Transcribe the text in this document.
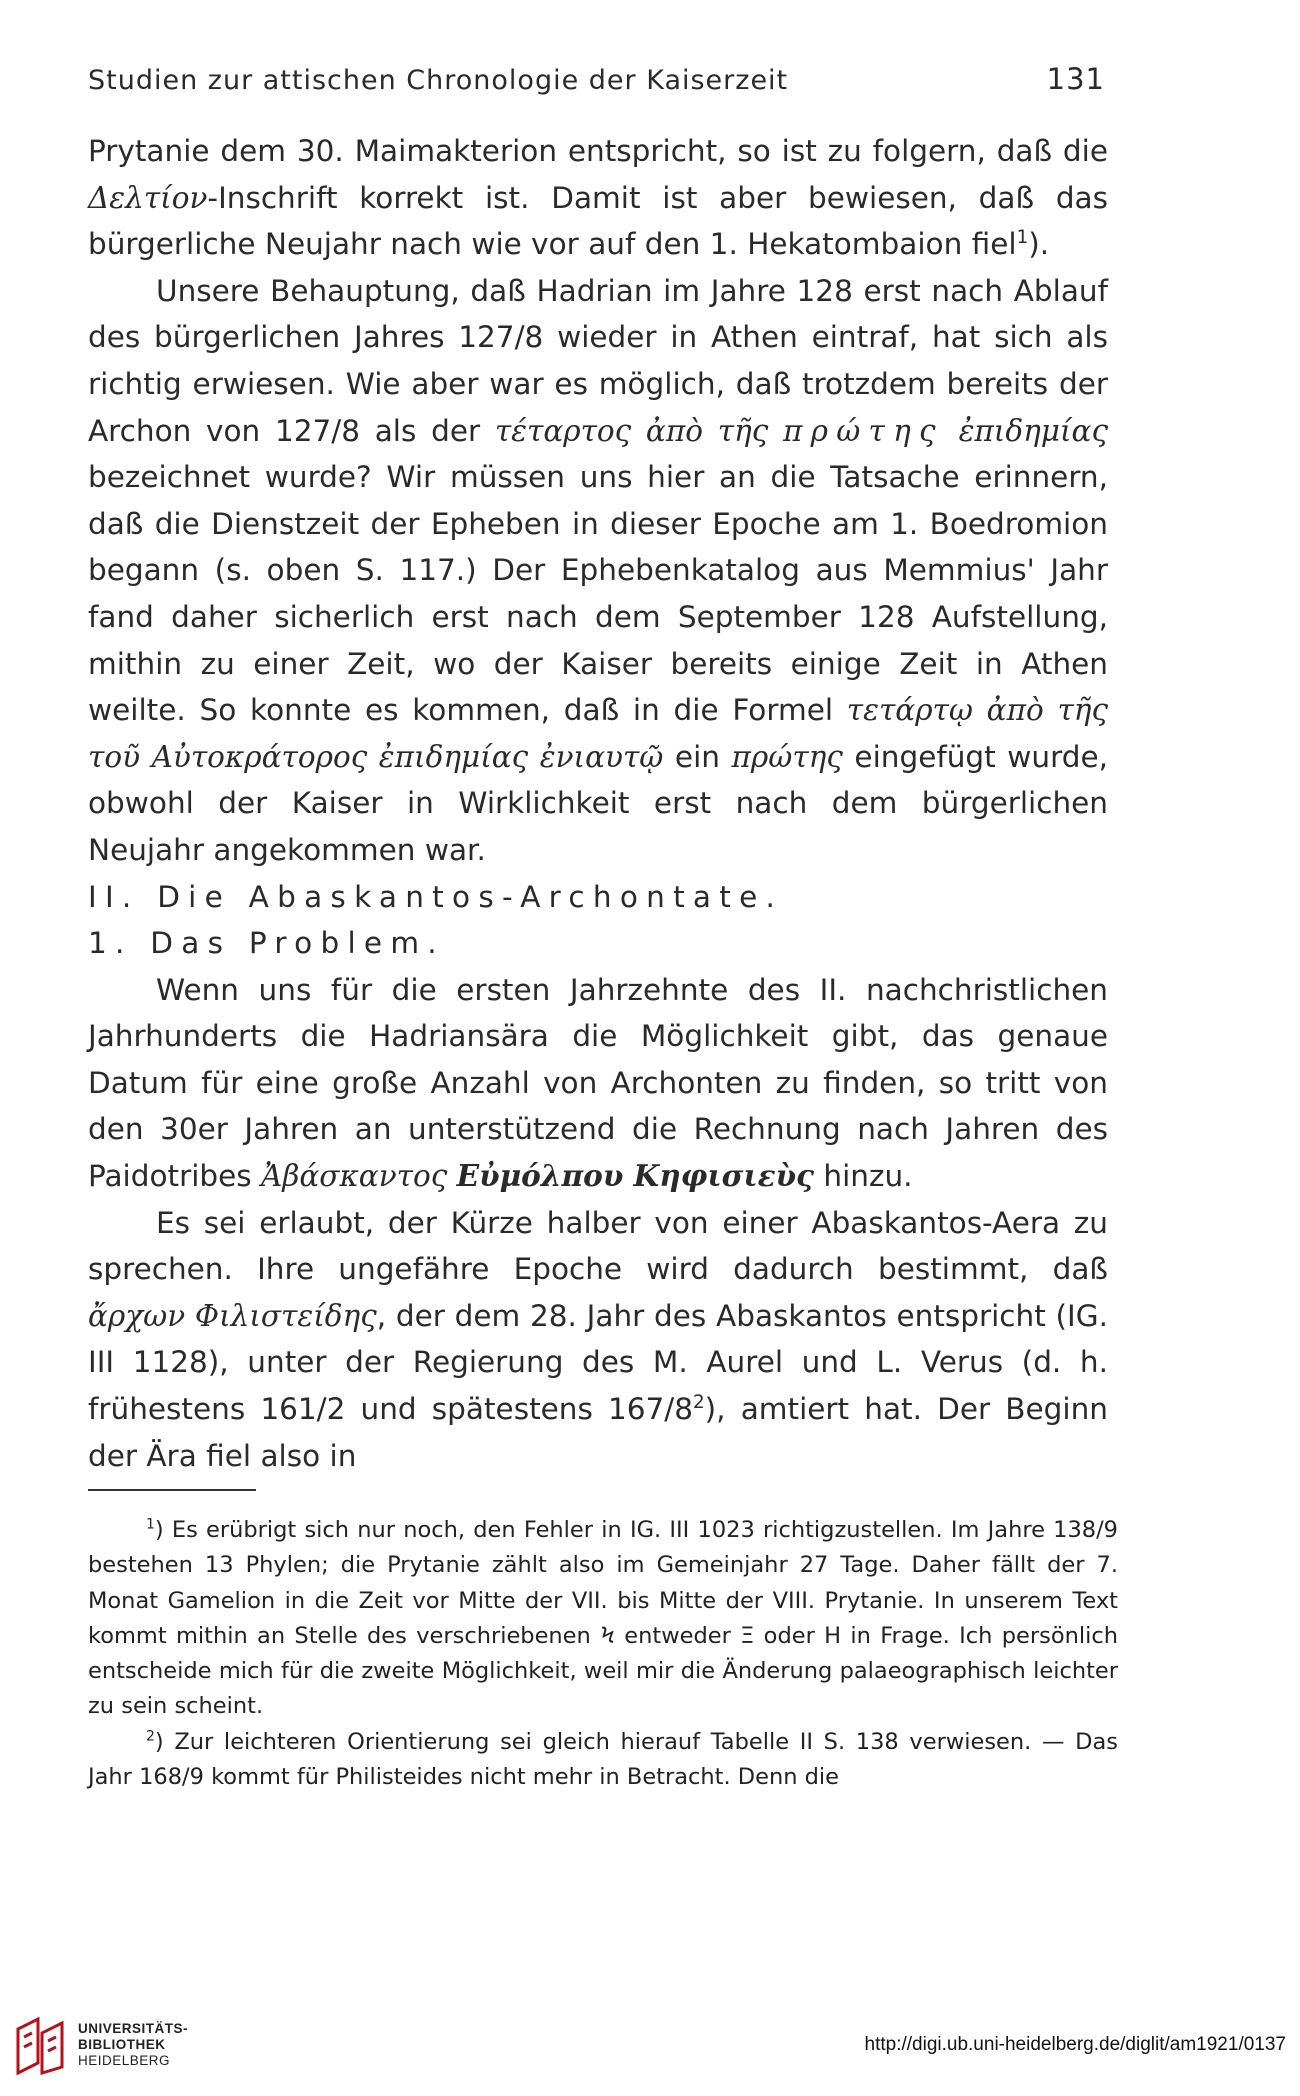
Studien zur attischen Chronologie der Kaiserzeit	131

Prytanie dem 30. Maimakterion entspricht, so ist zu folgern, daß die Δελτίον-Inschrift korrekt ist. Damit ist aber bewiesen, daß das bürgerliche Neujahr nach wie vor auf den 1. Hekatombaion fiel$^1$).

Unsere Behauptung, daß Hadrian im Jahre 128 erst nach Ablauf des bürgerlichen Jahres 127/8 wieder in Athen eintraf, hat sich als richtig erwiesen. Wie aber war es möglich, daß trotzdem bereits der Archon von 127/8 als der τέταρτος ἀπὸ τῆς πρώτης ἐπιδημίας bezeichnet wurde? Wir müssen uns hier an die Tatsache erinnern, daß die Dienstzeit der Epheben in dieser Epoche am 1. Boedromion begann (s. oben S. 117.) Der Ephebenkatalog aus Memmius' Jahr fand daher sicherlich erst nach dem September 128 Aufstellung, mithin zu einer Zeit, wo der Kaiser bereits einige Zeit in Athen weilte. So konnte es kommen, daß in die Formel τετάρτῳ ἀπὸ τῆς τοῦ Αὐτοκράτορος ἐπιδημίας ἐνιαυτῷ ein πρώτης eingefügt wurde, obwohl der Kaiser in Wirklichkeit erst nach dem bürgerlichen Neujahr angekommen war.

II. Die Abaskantos-Archontate.

1. Das Problem.

Wenn uns für die ersten Jahrzehnte des II. nachchristlichen Jahrhunderts die Hadriansära die Möglichkeit gibt, das genaue Datum für eine große Anzahl von Archonten zu finden, so tritt von den 30er Jahren an unterstützend die Rechnung nach Jahren des Paidotribes Ἀβάσκαντος Εὐμόλπου Κηφισιεὺς hinzu.

Es sei erlaubt, der Kürze halber von einer Abaskantos-Aera zu sprechen. Ihre ungefähre Epoche wird dadurch bestimmt, daß ἄρχων Φιλιστείδης, der dem 28. Jahr des Abaskantos entspricht (IG. III 1128), unter der Regierung des M. Aurel und L. Verus (d. h. frühestens 161/2 und spätestens $167/8^2$), amtiert hat. Der Beginn der Ära fiel also in

$^1$) Es erübrigt sich nur noch, den Fehler in IG. III 1023 richtigzustellen. Im Jahre 138/9 bestehen 13 Phylen; die Prytanie zählt also im Gemeinjahr 27 Tage. Daher fällt der 7. Monat Gamelion in die Zeit vor Mitte der VII. bis Mitte der VIII. Prytanie. In unserem Text kommt mithin an Stelle des verschriebenen Ϟ entweder Ξ oder H in Frage. Ich persönlich entscheide mich für die zweite Möglichkeit, weil mir die Änderung palaeographisch leichter zu sein scheint.

$^2$) Zur leichteren Orientierung sei gleich hierauf Tabelle II S. 138 verwiesen. — Das Jahr 168/9 kommt für Philisteides nicht mehr in Betracht. Denn die

UNIVERSITÄTS-
BIBLIOTHEK
HEIDELBERG
http://digi.ub.uni-heidelberg.de/diglit/am1921/0137
